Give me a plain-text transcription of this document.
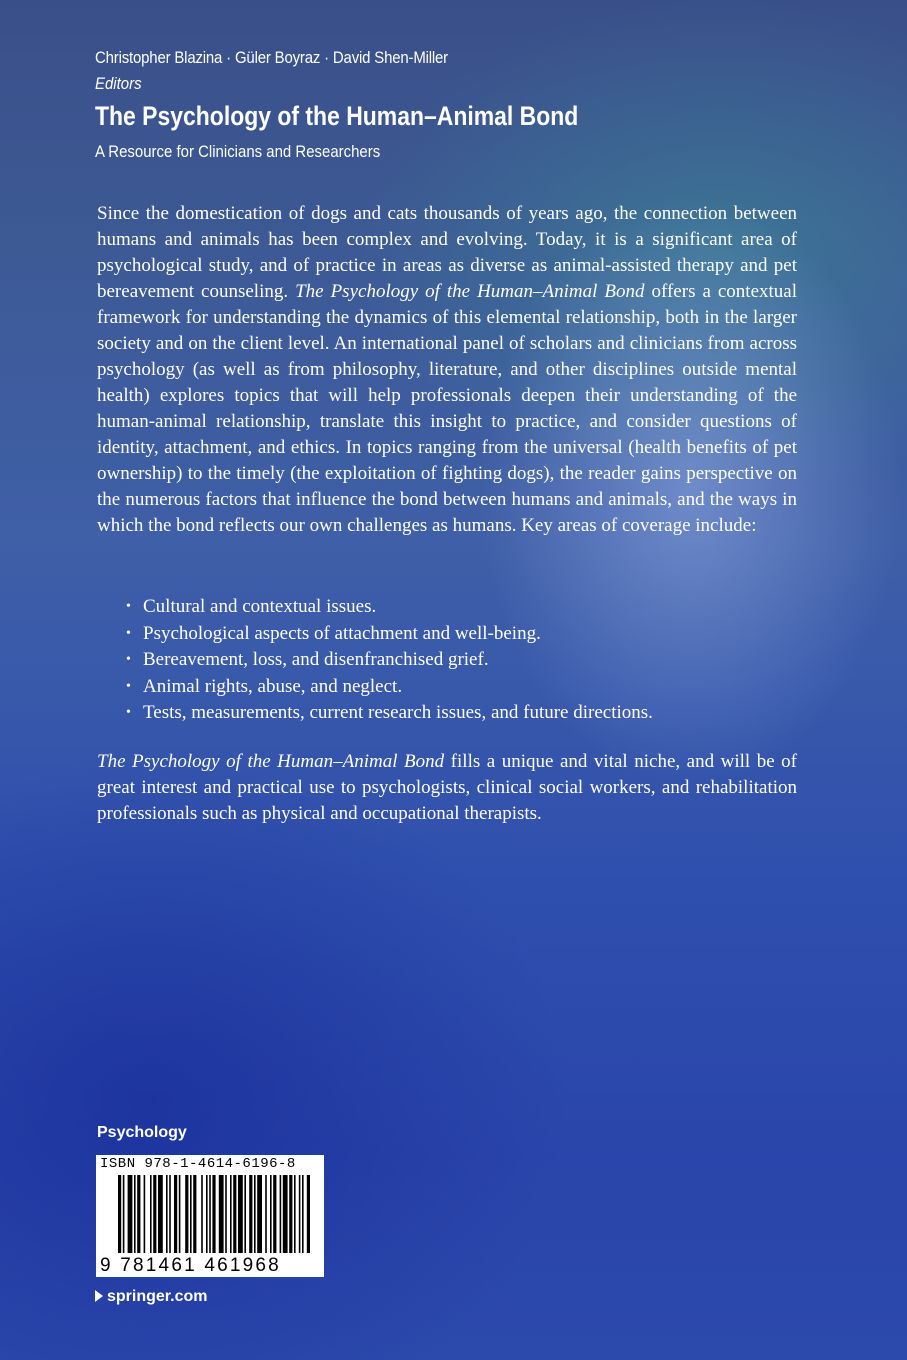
Christopher Blazina · Güler Boyraz · David Shen-Miller
Editors
The Psychology of the Human–Animal Bond
A Resource for Clinicians and Researchers

Since the domestication of dogs and cats thousands of years ago, the connection between humans and animals has been complex and evolving. Today, it is a significant area of psychological study, and of practice in areas as diverse as animal-assisted therapy and pet bereavement counseling. The Psychology of the Human–Animal Bond offers a contextual framework for understanding the dynamics of this elemental relationship, both in the larger society and on the client level. An international panel of scholars and clinicians from across psychology (as well as from philosophy, literature, and other disciplines outside mental health) explores topics that will help professionals deepen their understanding of the human-animal relationship, translate this insight to practice, and consider questions of identity, attachment, and ethics. In topics ranging from the universal (health benefits of pet ownership) to the timely (the exploitation of fighting dogs), the reader gains perspective on the numerous factors that influence the bond between humans and animals, and the ways in which the bond reflects our own challenges as humans. Key areas of coverage include:

• Cultural and contextual issues.
• Psychological aspects of attachment and well-being.
• Bereavement, loss, and disenfranchised grief.
• Animal rights, abuse, and neglect.
• Tests, measurements, current research issues, and future directions.

The Psychology of the Human–Animal Bond fills a unique and vital niche, and will be of great interest and practical use to psychologists, clinical social workers, and rehabilitation professionals such as physical and occupational therapists.

Psychology
ISBN 978-1-4614-6196-8
9 781461 461968
springer.com
